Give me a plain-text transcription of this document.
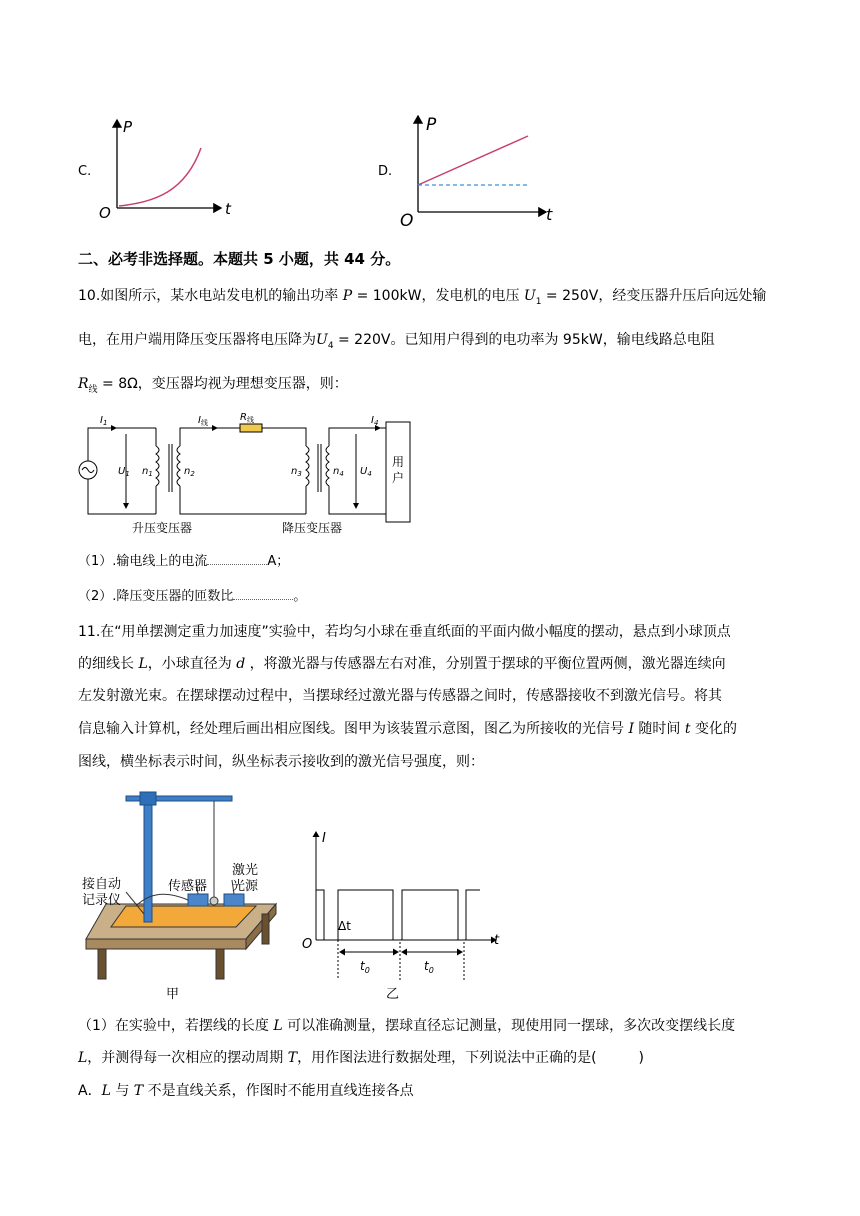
C.
P
t
O
D.
P
t
O
二、必考非选择题。本题共 5 小题，共 44 分。
10.如图所示，某水电站发电机的输出功率 P = 100kW，发电机的电压 $U_1 = 250V$，经变压器升压后向远处输
电，在用户端用降压变压器将电压降为$U_4 = 220V$。已知用户得到的电功率为 95kW，输电线路总电阻
$R_线 = 8\Omega$，变压器均视为理想变压器，则：
$I_1$	$I_线$	$R_线$	$I_4$
$U_1$ $n_1$	$n_2$	$n_3$	$n_4$ $U_4$
用
户
升压变压器	降压变压器
（1）.输电线上的电流	A；
（2）.降压变压器的匝数比	。
11.在“用单摆测定重力加速度”实验中，若均匀小球在垂直纸面的平面内做小幅度的摆动，悬点到小球顶点
的细线长 L，小球直径为 d ，将激光器与传感器左右对准，分别置于摆球的平衡位置两侧，激光器连续向
左发射激光束。在摆球摆动过程中，当摆球经过激光器与传感器之间时，传感器接收不到激光信号。将其
信息输入计算机，经处理后画出相应图线。图甲为该装置示意图，图乙为所接收的光信号 I 随时间 t 变化的
图线，横坐标表示时间，纵坐标表示接收到的激光信号强度，则：
接自动
记录仪
传感器
激光
光源
甲
I
t
O
Δt
$t_0$	$t_0$
乙
（1）在实验中，若摆线的长度 L 可以准确测量，摆球直径忘记测量，现使用同一摆球，多次改变摆线长度
L，并测得每一次相应的摆动周期 T，用作图法进行数据处理，下列说法中正确的是(　　　)
A．L 与 T 不是直线关系，作图时不能用直线连接各点
